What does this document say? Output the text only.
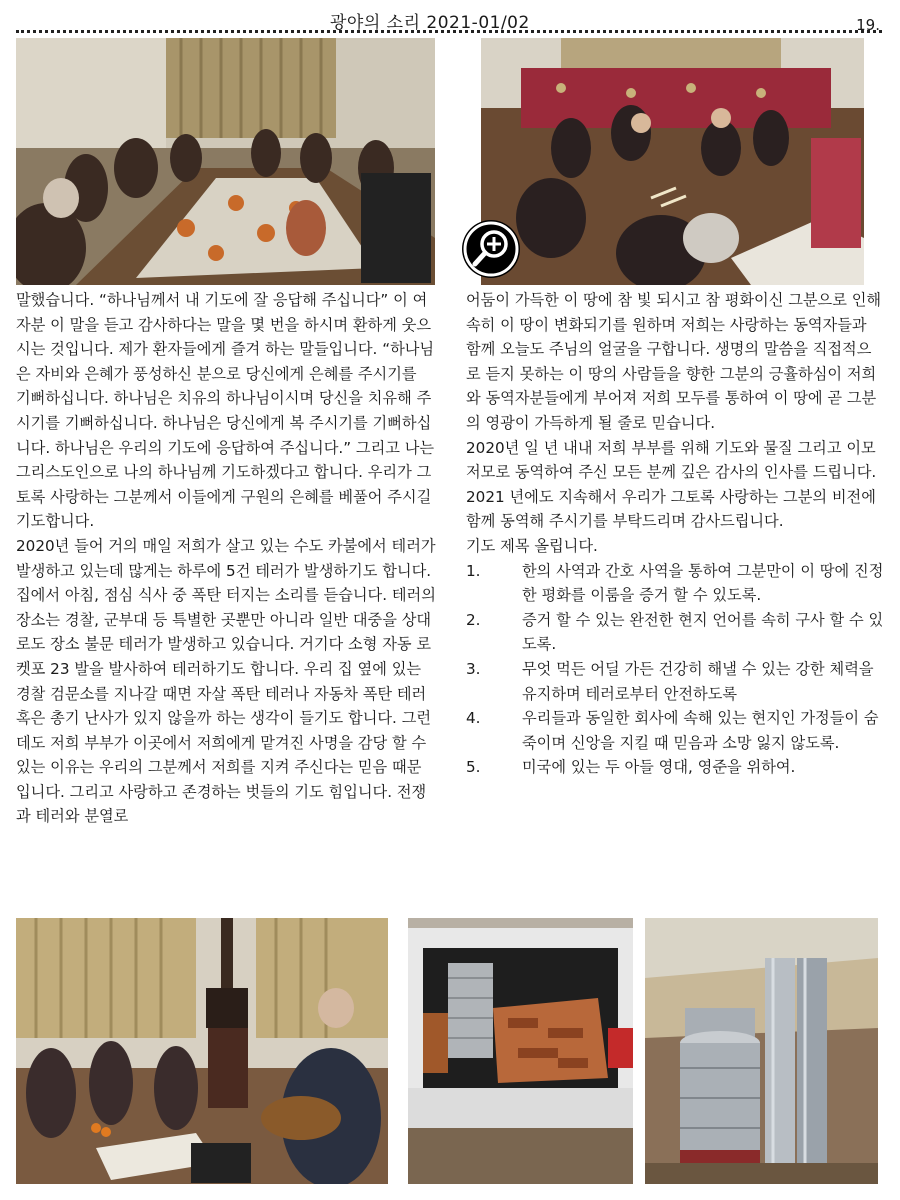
광야의 소리 2021-01/02	19.

말했습니다. “하나님께서 내 기도에 잘 응답해 주십니다” 이 여자분 이 말을 듣고 감사하다는 말을 몇 번을 하시며 환하게 웃으시는 것입니다. 제가 환자들에게 즐겨 하는 말들입니다. “하나님은 자비와 은혜가 풍성하신 분으로 당신에게 은혜를 주시기를 기뻐하십니다. 하나님은 치유의 하나님이시며 당신을 치유해 주시기를 기뻐하십니다. 하나님은 당신에게 복 주시기를 기뻐하십니다. 하나님은 우리의 기도에 응답하여 주십니다.” 그리고 나는 그리스도인으로 나의 하나님께 기도하겠다고 합니다. 우리가 그토록 사랑하는 그분께서 이들에게 구원의 은혜를 베풀어 주시길 기도합니다.

2020년 들어 거의 매일 저희가 살고 있는 수도 카불에서 테러가 발생하고 있는데 많게는 하루에 5건 테러가 발생하기도 합니다. 집에서 아침, 점심 식사 중 폭탄 터지는 소리를 듣습니다. 테러의 장소는 경찰, 군부대 등 특별한 곳뿐만 아니라 일반 대중을 상대로도 장소 불문 테러가 발생하고 있습니다. 거기다 소형 자동 로켓포 23 발을 발사하여 테러하기도 합니다. 우리 집 옆에 있는 경찰 검문소를 지나갈 때면 자살 폭탄 테러나 자동차 폭탄 테러 혹은 총기 난사가 있지 않을까 하는 생각이 들기도 합니다. 그런데도 저희 부부가 이곳에서 저희에게 맡겨진 사명을 감당 할 수 있는 이유는 우리의 그분께서 저희를 지켜 주신다는 믿음 때문입니다. 그리고 사랑하고 존경하는 벗들의 기도 힘입니다. 전쟁과 테러와 분열로

어둠이 가득한 이 땅에 참 빛 되시고 참 평화이신 그분으로 인해 속히 이 땅이 변화되기를 원하며 저희는 사랑하는 동역자들과 함께 오늘도 주님의 얼굴을 구합니다. 생명의 말씀을 직접적으로 듣지 못하는 이 땅의 사람들을 향한 그분의 긍휼하심이 저희와 동역자분들에게 부어져 저희 모두를 통하여 이 땅에 곧 그분의 영광이 가득하게 될 줄로 믿습니다.

2020년 일 년 내내 저희 부부를 위해 기도와 물질 그리고 이모저모로 동역하여 주신 모든 분께 깊은 감사의 인사를 드립니다. 2021 년에도 지속해서 우리가 그토록 사랑하는 그분의 비전에 함께 동역해 주시기를 부탁드리며 감사드립니다.

기도 제목 올립니다.

1.	한의 사역과 간호 사역을 통하여 그분만이 이 땅에 진정한 평화를 이룸을 증거 할 수 있도록.
2.	증거 할 수 있는 완전한 현지 언어를 속히 구사 할 수 있도록.
3.	무엇 먹든 어딜 가든 건강히 해낼 수 있는 강한 체력을 유지하며 테러로부터 안전하도록
4.	우리들과 동일한 회사에 속해 있는 현지인 가정들이 숨죽이며 신앙을 지킬 때 믿음과 소망 잃지 않도록.
5.	미국에 있는 두 아들 영대, 영준을 위하여.
